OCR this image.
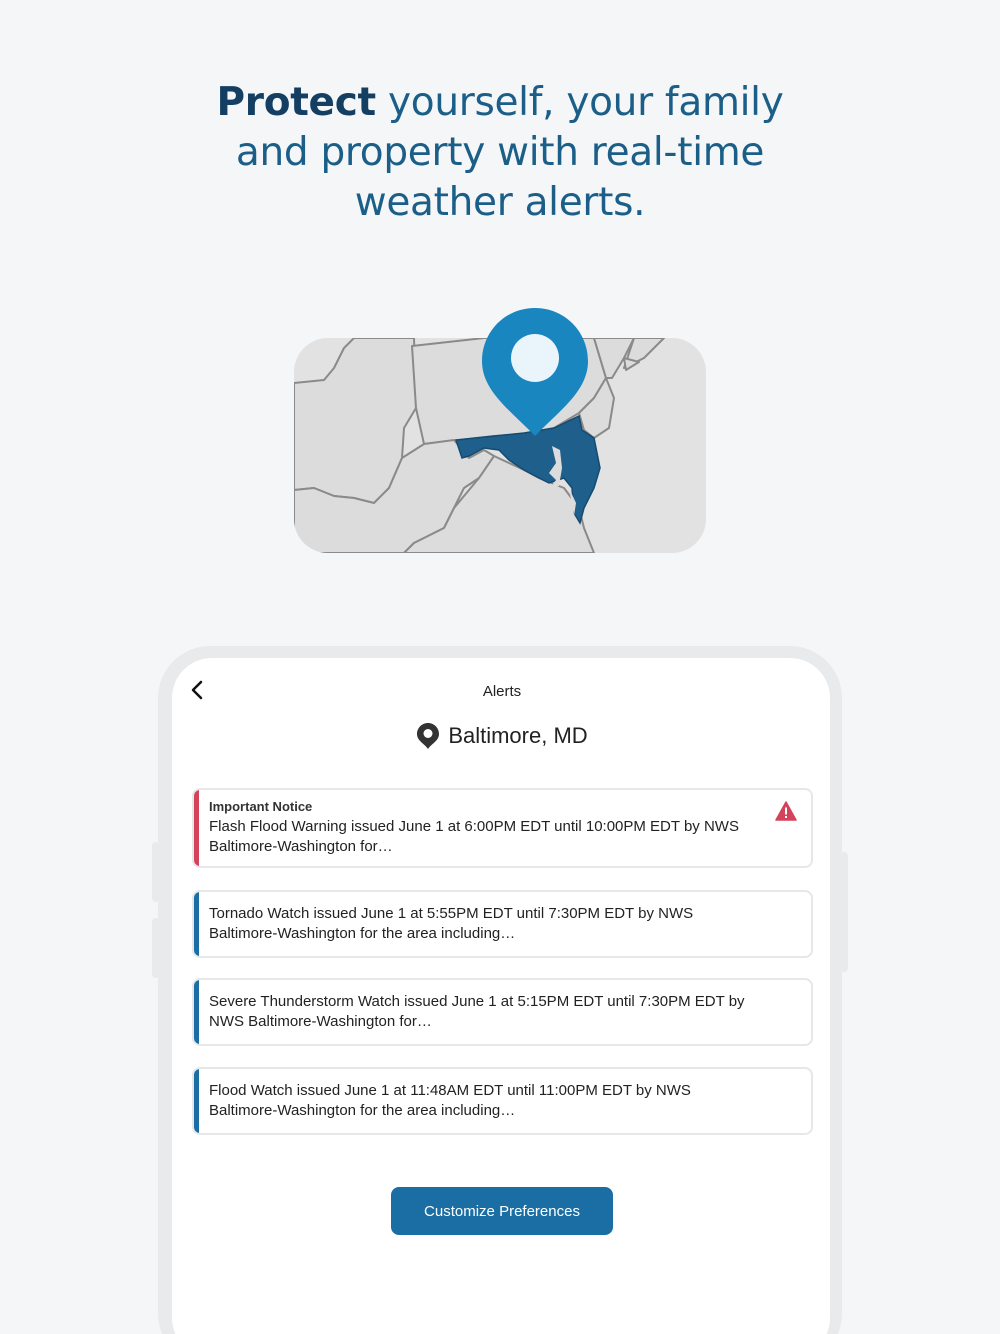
Protect yourself, your family
and property with real-time
weather alerts.
Alerts
Baltimore, MD
Important Notice
Flash Flood Warning issued June 1 at 6:00PM EDT until 10:00PM EDT by NWS Baltimore-Washington for…
Tornado Watch issued June 1 at 5:55PM EDT until 7:30PM EDT by NWS Baltimore-Washington for the area including…
Severe Thunderstorm Watch issued June 1 at 5:15PM EDT until 7:30PM EDT by NWS Baltimore-Washington for…
Flood Watch issued June 1 at 11:48AM EDT until 11:00PM EDT by NWS Baltimore-Washington for the area including…
Customize Preferences
